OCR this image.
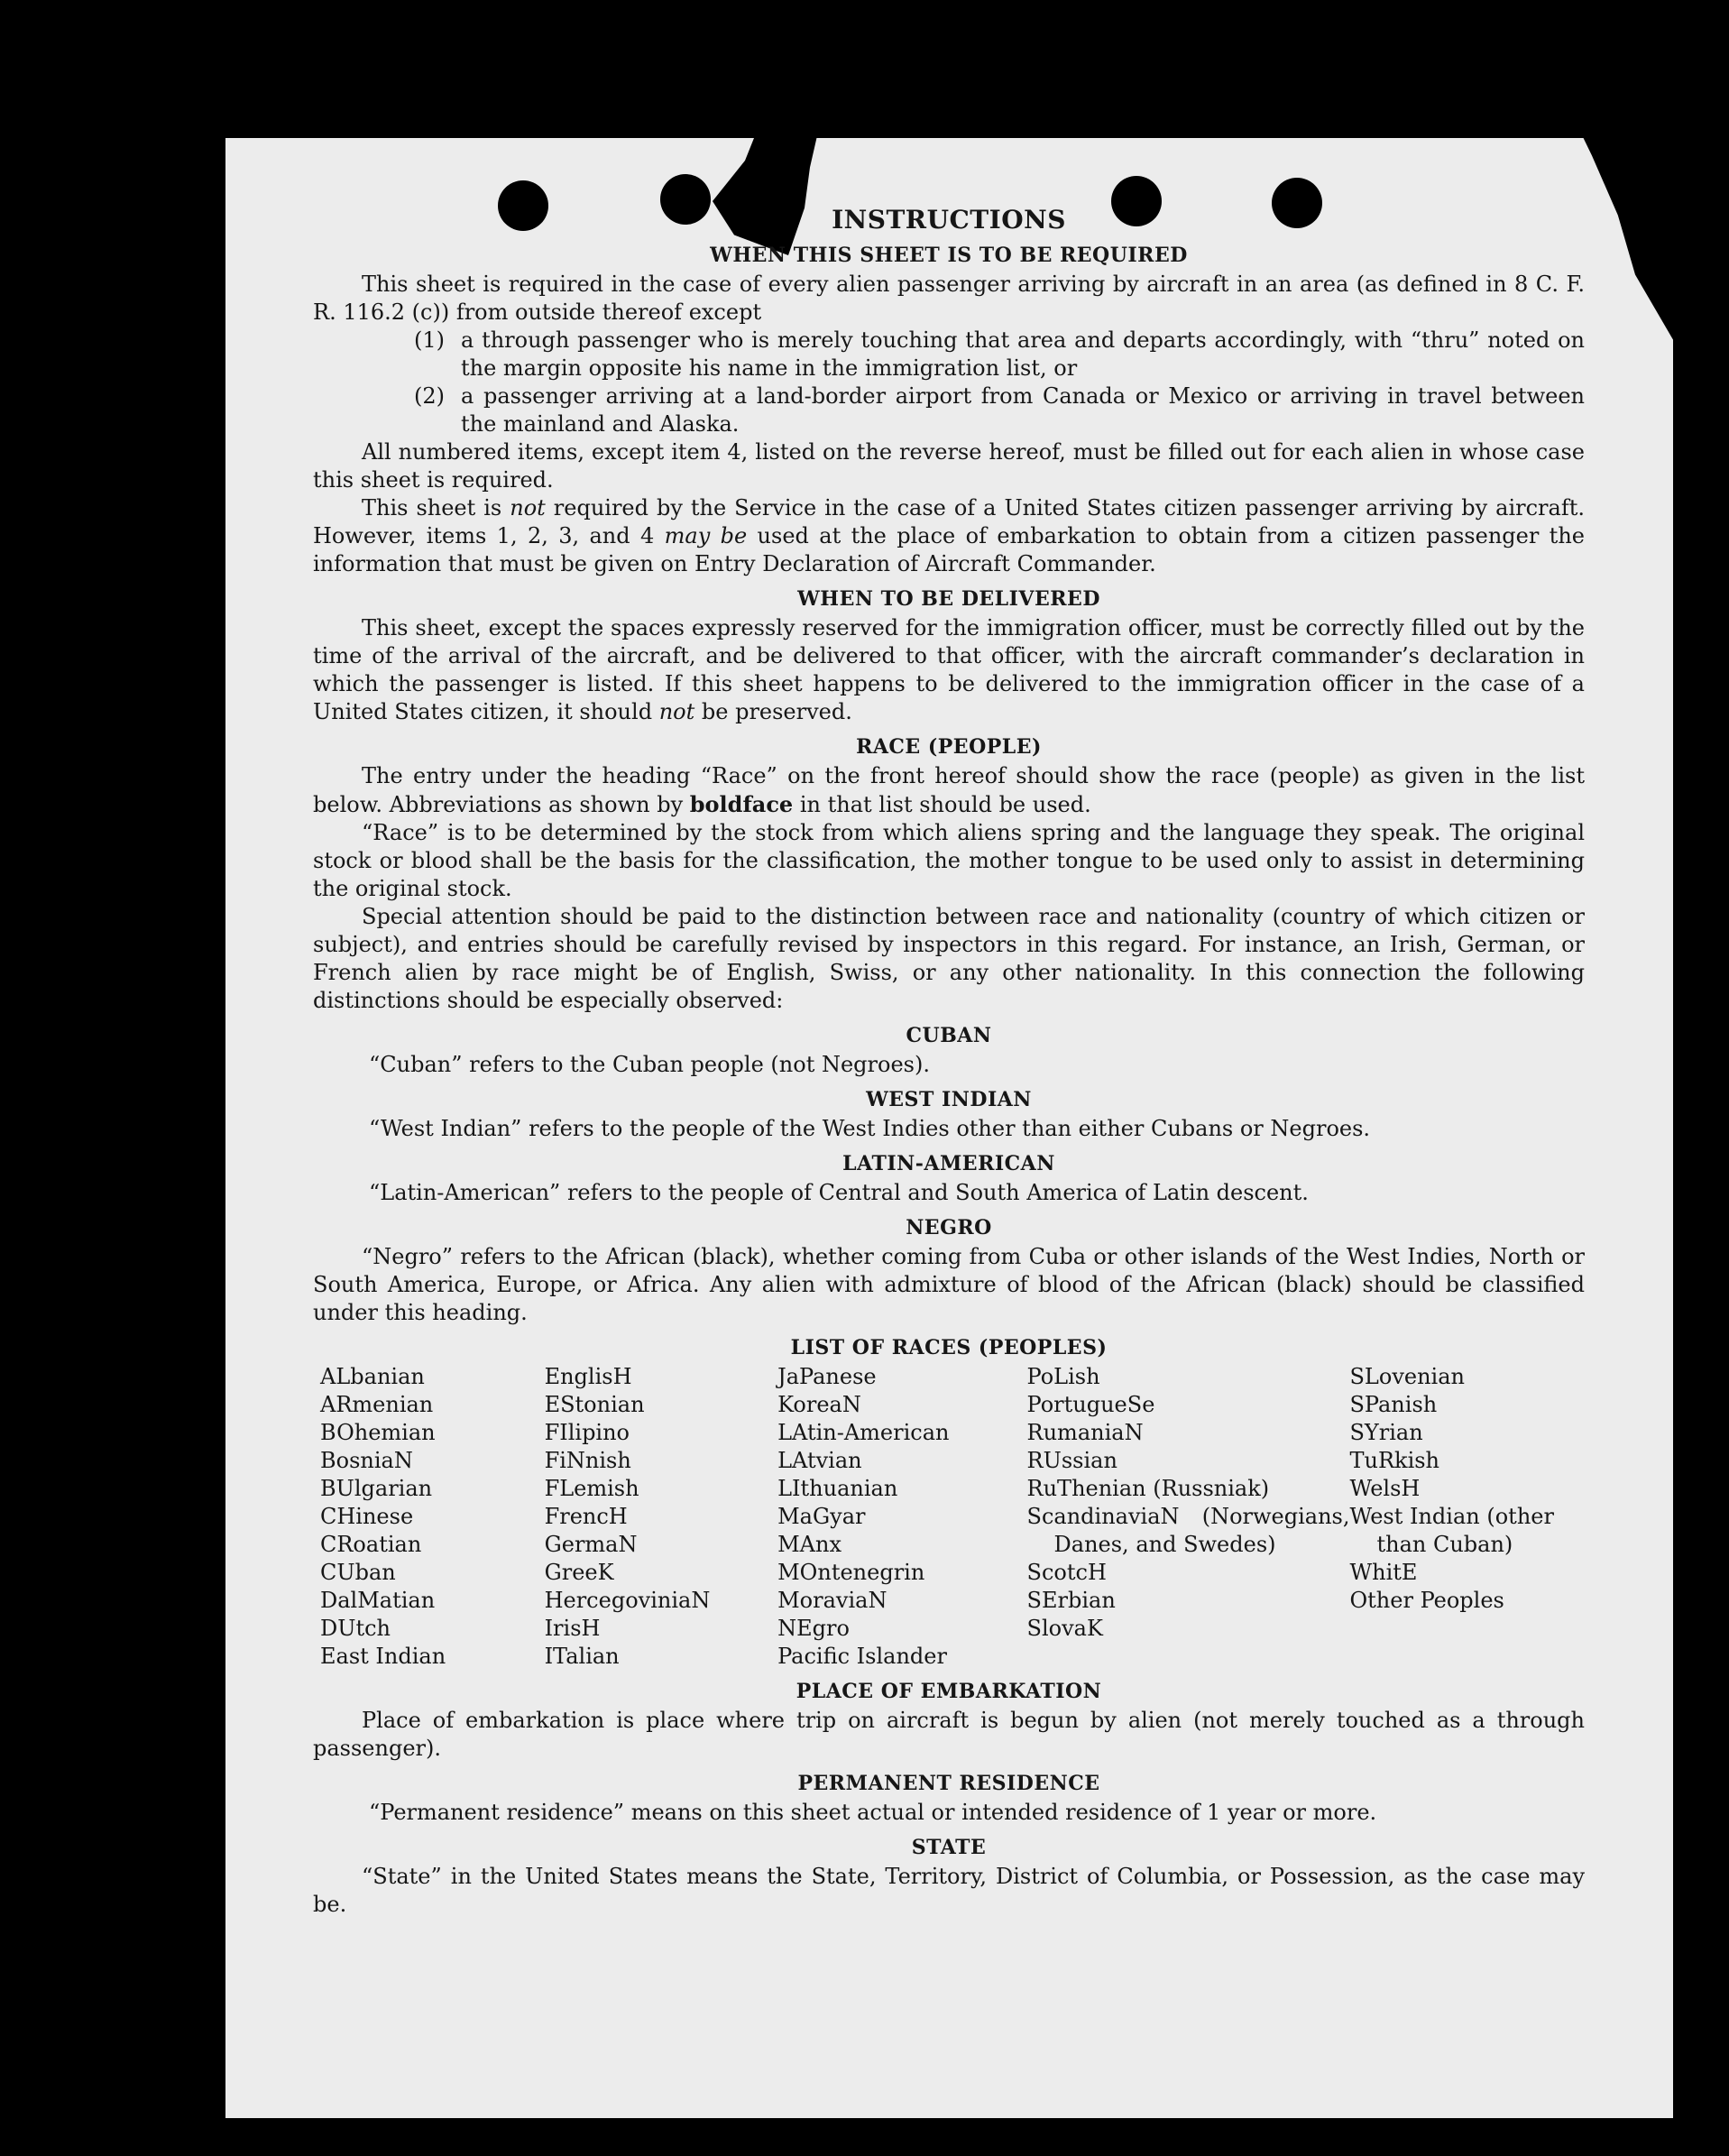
INSTRUCTIONS
WHEN THIS SHEET IS TO BE REQUIRED

This sheet is required in the case of every alien passenger arriving by aircraft in an area (as defined in 8 C. F. R. 116.2 (c)) from outside thereof except

(1) a through passenger who is merely touching that area and departs accordingly, with “thru” noted on the margin opposite his name in the immigration list, or
(2) a passenger arriving at a land-border airport from Canada or Mexico or arriving in travel between the mainland and Alaska.

All numbered items, except item 4, listed on the reverse hereof, must be filled out for each alien in whose case this sheet is required.

This sheet is not required by the Service in the case of a United States citizen passenger arriving by aircraft. However, items 1, 2, 3, and 4 may be used at the place of embarkation to obtain from a citizen passenger the information that must be given on Entry Declaration of Aircraft Commander.

WHEN TO BE DELIVERED

This sheet, except the spaces expressly reserved for the immigration officer, must be correctly filled out by the time of the arrival of the aircraft, and be delivered to that officer, with the aircraft commander’s declaration in which the passenger is listed. If this sheet happens to be delivered to the immigration officer in the case of a United States citizen, it should not be preserved.

RACE (PEOPLE)

The entry under the heading “Race” on the front hereof should show the race (people) as given in the list below. Abbreviations as shown by boldface in that list should be used.

“Race” is to be determined by the stock from which aliens spring and the language they speak. The original stock or blood shall be the basis for the classification, the mother tongue to be used only to assist in determining the original stock.

Special attention should be paid to the distinction between race and nationality (country of which citizen or subject), and entries should be carefully revised by inspectors in this regard. For instance, an Irish, German, or French alien by race might be of English, Swiss, or any other nationality. In this connection the following distinctions should be especially observed:

CUBAN

“Cuban” refers to the Cuban people (not Negroes).

WEST INDIAN

“West Indian” refers to the people of the West Indies other than either Cubans or Negroes.

LATIN-AMERICAN

“Latin-American” refers to the people of Central and South America of Latin descent.

NEGRO

“Negro” refers to the African (black), whether coming from Cuba or other islands of the West Indies, North or South America, Europe, or Africa. Any alien with admixture of blood of the African (black) should be classified under this heading.

LIST OF RACES (PEOPLES)
ALbanian
ARmenian
BOhemian
BosniaN
BUlgarian
CHinese
CRoatian
CUban
DalMatian
DUtch
East Indian
EnglisH
EStonian
FIlipino
FiNnish
FLemish
FrencH
GermaN
GreeK
HercegoviniaN
IrisH
ITalian
JaPanese
KoreaN
LAtin-American
LAtvian
LIthuanian
MaGyar
MAnx
MOntenegrin
MoraviaN
NEgro
Pacific Islander
PoLish
PortugueSe
RumaniaN
RUssian
RuThenian (Russniak)
ScandinaviaN (Norwegians, Danes, and Swedes)
ScotcH
SErbian
SlovaK
SLovenian
SPanish
SYrian
TuRkish
WelsH
West Indian (other than Cuban)
WhitE
Other Peoples
PLACE OF EMBARKATION

Place of embarkation is place where trip on aircraft is begun by alien (not merely touched as a through passenger).

PERMANENT RESIDENCE

“Permanent residence” means on this sheet actual or intended residence of 1 year or more.

STATE

“State” in the United States means the State, Territory, District of Columbia, or Possession, as the case may be.
